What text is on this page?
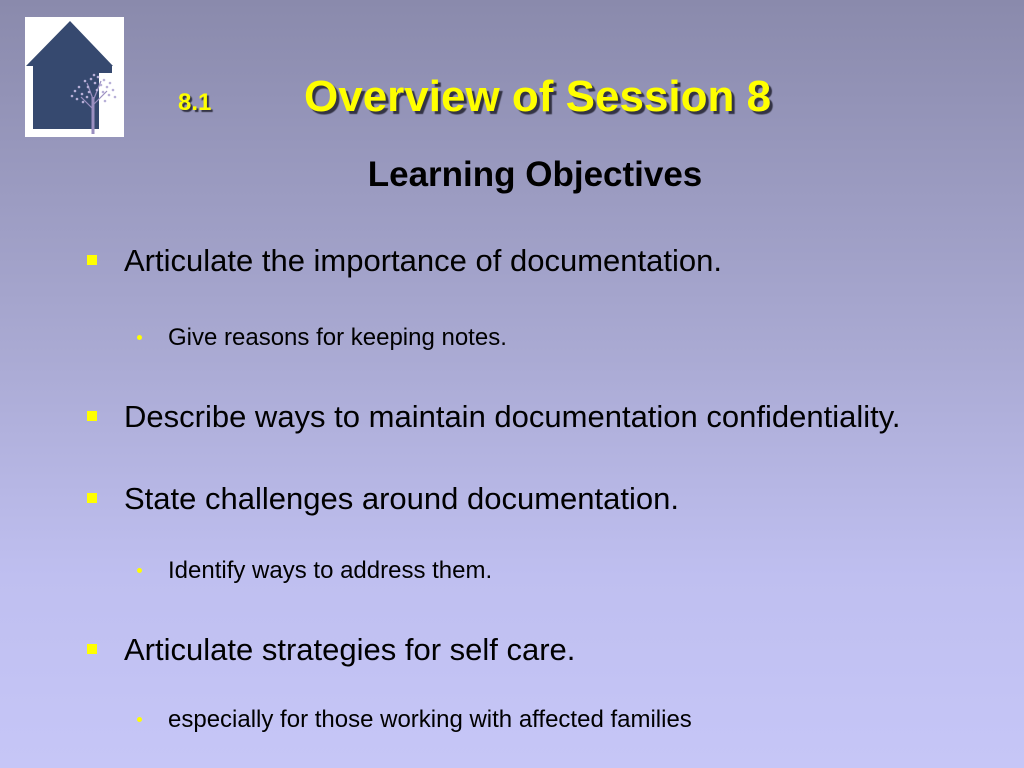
8.1 Overview of Session 8
Learning Objectives
Articulate the importance of documentation.
Give reasons for keeping notes.
Describe ways to maintain documentation confidentiality.
State challenges around documentation.
Identify ways to address them.
Articulate strategies for self care.
especially for those working with affected families
